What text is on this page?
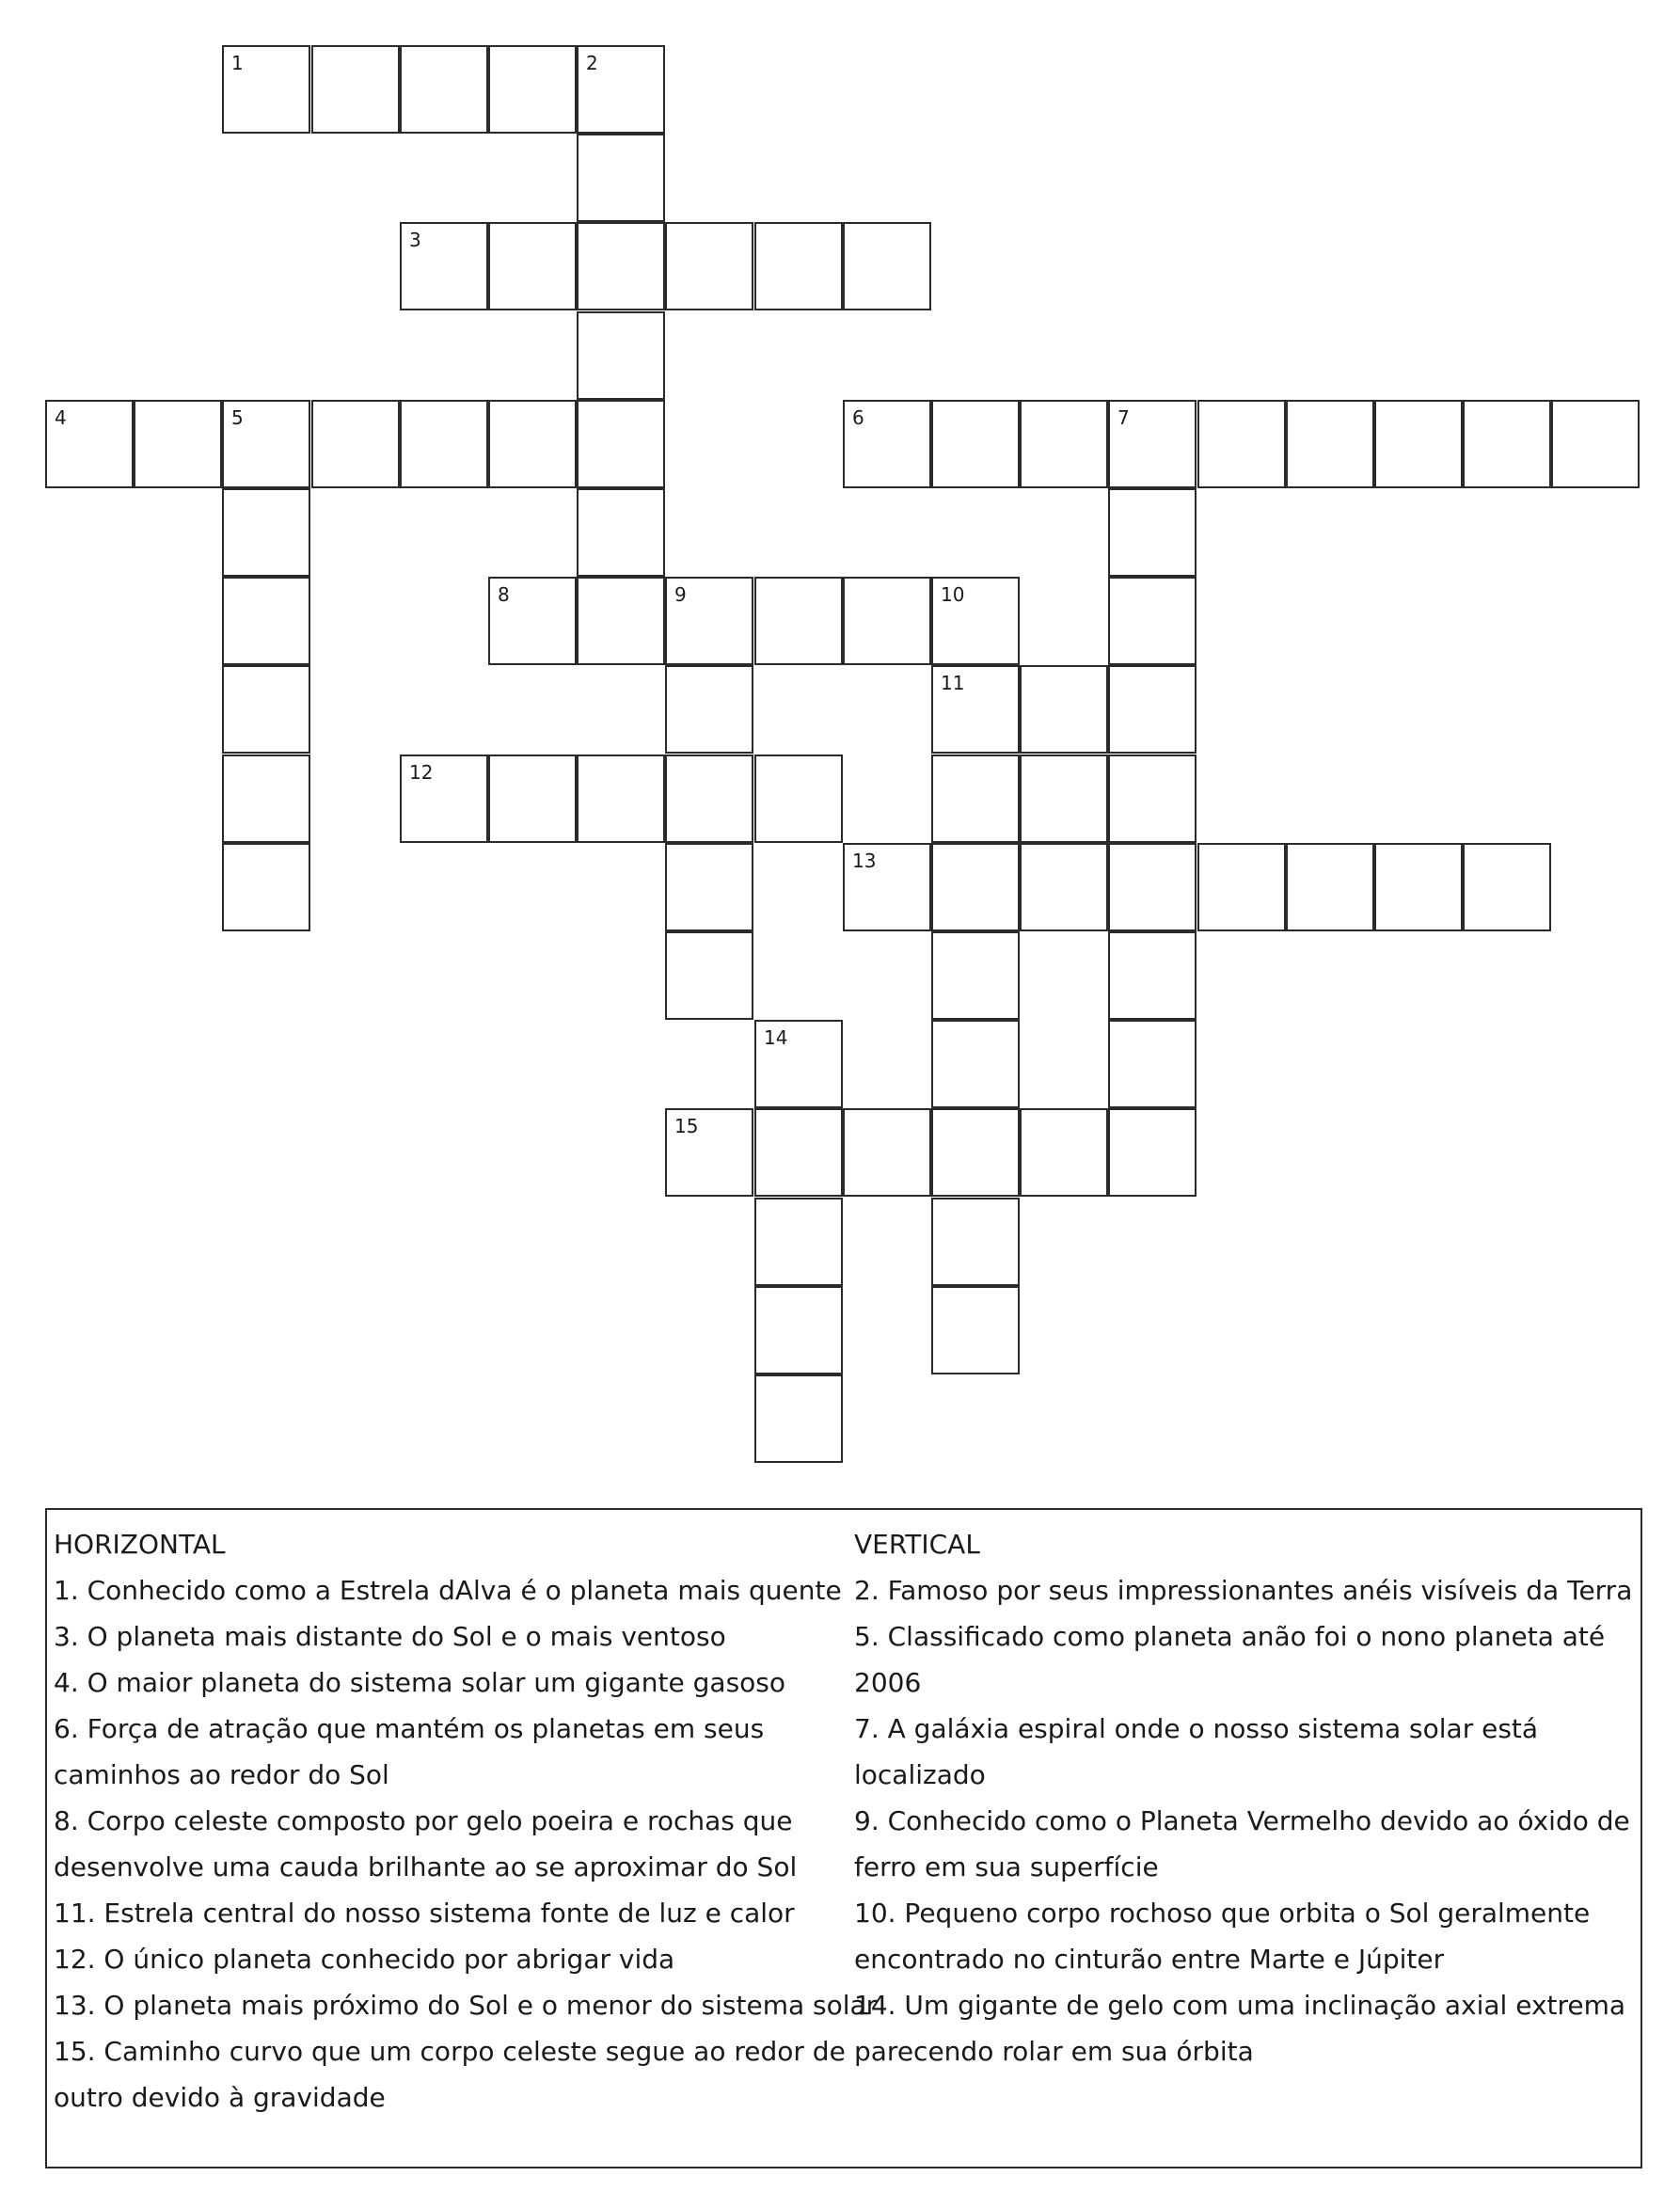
1	2
3
4	5	6	7
8	9	10
11
12
13
14
15
HORIZONTAL
1. Conhecido como a Estrela dAlva é o planeta mais quente
3. O planeta mais distante do Sol e o mais ventoso
4. O maior planeta do sistema solar um gigante gasoso
6. Força de atração que mantém os planetas em seus
caminhos ao redor do Sol
8. Corpo celeste composto por gelo poeira e rochas que
desenvolve uma cauda brilhante ao se aproximar do Sol
11. Estrela central do nosso sistema fonte de luz e calor
12. O único planeta conhecido por abrigar vida
13. O planeta mais próximo do Sol e o menor do sistema solar
15. Caminho curvo que um corpo celeste segue ao redor de
outro devido à gravidade
VERTICAL
2. Famoso por seus impressionantes anéis visíveis da Terra
5. Classificado como planeta anão foi o nono planeta até
2006
7. A galáxia espiral onde o nosso sistema solar está
localizado
9. Conhecido como o Planeta Vermelho devido ao óxido de
ferro em sua superfície
10. Pequeno corpo rochoso que orbita o Sol geralmente
encontrado no cinturão entre Marte e Júpiter
14. Um gigante de gelo com uma inclinação axial extrema
parecendo rolar em sua órbita
